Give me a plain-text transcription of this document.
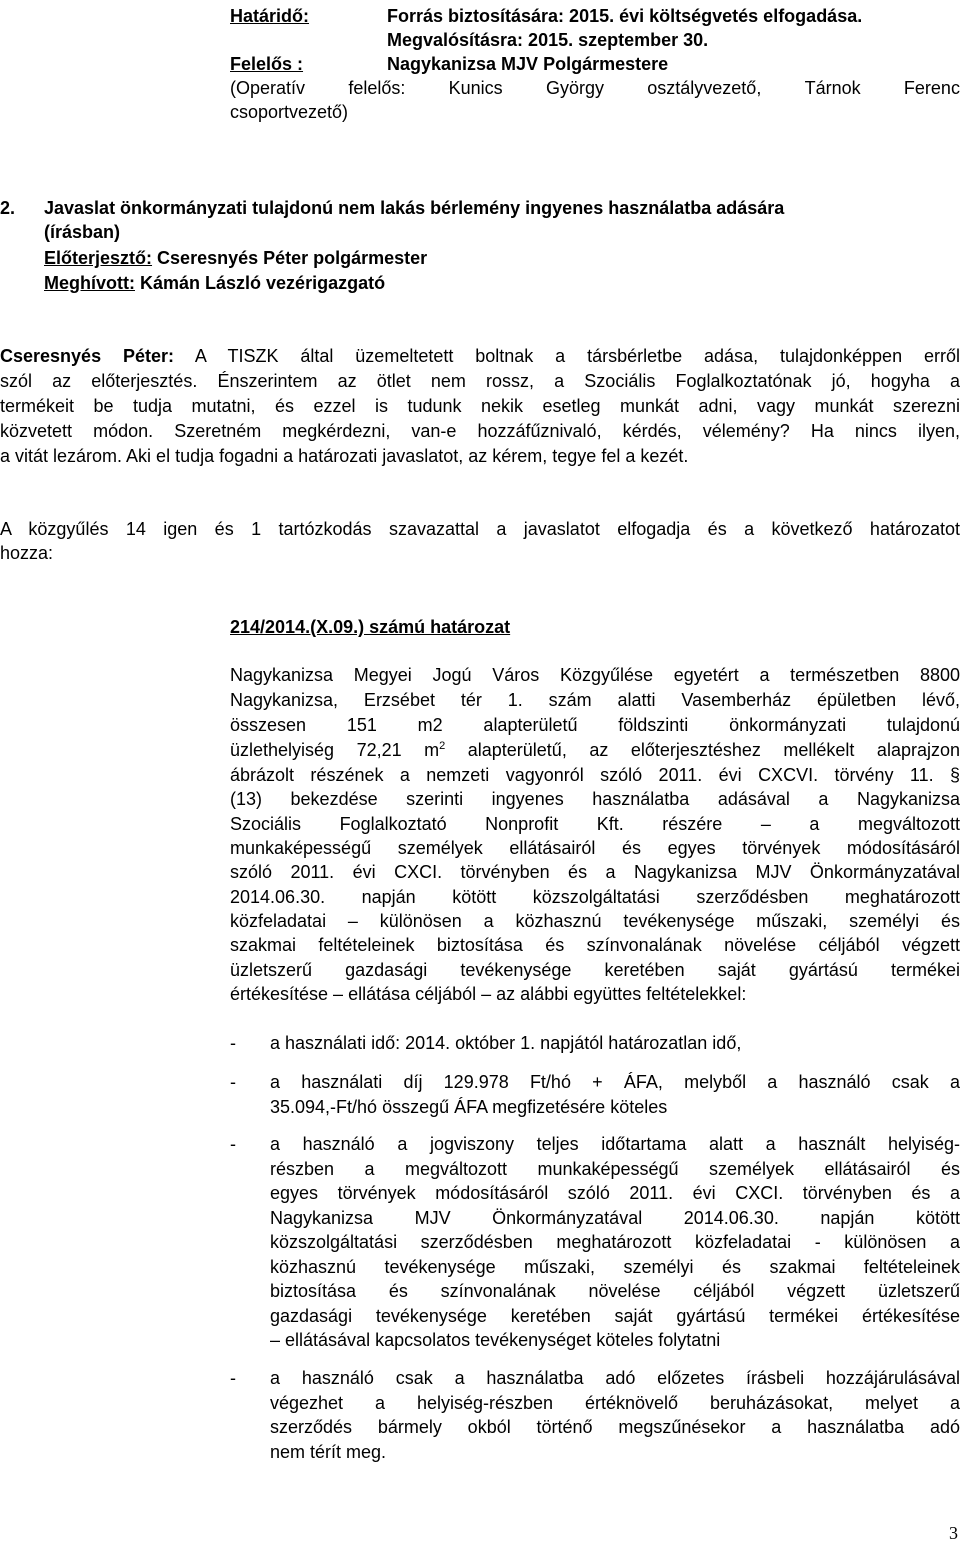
Határidő:	Forrás biztosítására: 2015. évi költségvetés elfogadása.
Megvalósításra: 2015. szeptember 30.
Felelős :	Nagykanizsa MJV Polgármestere
(Operatív felelős: Kunics György osztályvezető, Tárnok Ferenc
csoportvezető)
2. Javaslat önkormányzati tulajdonú nem lakás bérlemény ingyenes használatba adására
(írásban)
Előterjesztő: Cseresnyés Péter polgármester
Meghívott: Kámán László vezérigazgató
Cseresnyés Péter: A TISZK által üzemeltetett boltnak a társbérletbe adása, tulajdonképpen erről
szól az előterjesztés. Énszerintem az ötlet nem rossz, a Szociális Foglalkoztatónak jó, hogyha a
termékeit be tudja mutatni, és ezzel is tudunk nekik esetleg munkát adni, vagy munkát szerezni
közvetett módon. Szeretném megkérdezni, van-e hozzáfűznivaló, kérdés, vélemény? Ha nincs ilyen,
a vitát lezárom. Aki el tudja fogadni a határozati javaslatot, az kérem, tegye fel a kezét.
A közgyűlés 14 igen és 1 tartózkodás szavazattal a javaslatot elfogadja és a következő határozatot
hozza:
214/2014.(X.09.) számú határozat
Nagykanizsa Megyei Jogú Város Közgyűlése egyetért a természetben 8800
Nagykanizsa, Erzsébet tér 1. szám alatti Vasemberház épületben lévő,
összesen 151 m2 alapterületű földszinti önkormányzati tulajdonú
üzlethelyiség 72,21 $m^2$ alapterületű, az előterjesztéshez mellékelt alaprajzon
ábrázolt részének a nemzeti vagyonról szóló 2011. évi CXCVI. törvény 11. §
(13) bekezdése szerinti ingyenes használatba adásával a Nagykanizsa
Szociális Foglalkoztató Nonprofit Kft. részére – a megváltozott
munkaképességű személyek ellátásairól és egyes törvények módosításáról
szóló 2011. évi CXCI. törvényben és a Nagykanizsa MJV Önkormányzatával
2014.06.30. napján kötött közszolgáltatási szerződésben meghatározott
közfeladatai – különösen a közhasznú tevékenysége műszaki, személyi és
szakmai feltételeinek biztosítása és színvonalának növelése céljából végzett
üzletszerű gazdasági tevékenysége keretében saját gyártású termékei
értékesítése – ellátása céljából – az alábbi együttes feltételekkel:
- a használati idő: 2014. október 1. napjától határozatlan idő,
- a használati díj 129.978 Ft/hó + ÁFA, melyből a használó csak a
35.094,-Ft/hó összegű ÁFA megfizetésére köteles
- a használó a jogviszony teljes időtartama alatt a használt helyiség-
részben a megváltozott munkaképességű személyek ellátásairól és
egyes törvények módosításáról szóló 2011. évi CXCI. törvényben és a
Nagykanizsa MJV Önkormányzatával 2014.06.30. napján kötött
közszolgáltatási szerződésben meghatározott közfeladatai - különösen a
közhasznú tevékenysége műszaki, személyi és szakmai feltételeinek
biztosítása és színvonalának növelése céljából végzett üzletszerű
gazdasági tevékenysége keretében saját gyártású termékei értékesítése
– ellátásával kapcsolatos tevékenységet köteles folytatni
- a használó csak a használatba adó előzetes írásbeli hozzájárulásával
végezhet a helyiség-részben értéknövelő beruházásokat, melyet a
szerződés bármely okból történő megszűnésekor a használatba adó
nem térít meg.
3
